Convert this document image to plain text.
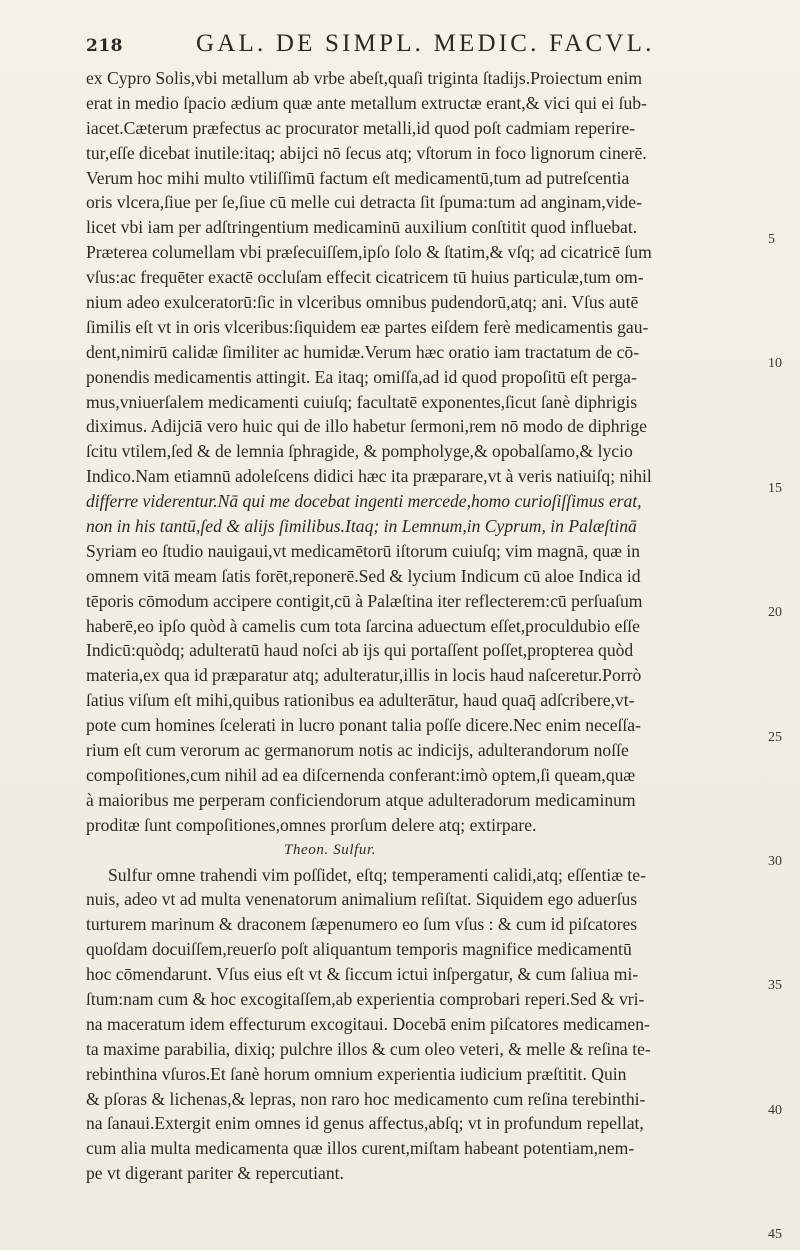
218	GAL. DE SIMPL. MEDIC. FACVL.
ex Cypro Solis,vbi metallum ab vrbe abeſt,quaſi triginta ſtadijs.Proiectum enim
erat in medio ſpacio ædium quæ ante metallum extructæ erant,& vici qui ei ſub-
iacet.Cæterum præfectus ac procurator metalli,id quod poſt cadmiam reperire-
tur,eſſe dicebat inutile:itaq; abijci nō ſecus atq; vſtorum in foco lignorum cinerē.
Verum hoc mihi multo vtiliſſimū factum eſt medicamentū,tum ad putreſcentia
oris vlcera,ſiue per ſe,ſiue cū melle cui detracta ſit ſpuma:tum ad anginam,vide-
licet vbi iam per adſtringentium medicaminū auxilium conſtitit quod influebat.
Præterea columellam vbi præſecuiſſem,ipſo ſolo & ſtatim,& vſq; ad cicatricē ſum
vſus:ac frequēter exactē occluſam effecit cicatricem tū huius particulæ,tum om-
nium adeo exulceratorū:ſic in vlceribus omnibus pudendorū,atq; ani. Vſus autē
ſimilis eſt vt in oris vlceribus:ſiquidem eæ partes eiſdem ferè medicamentis gau-
dent,nimirū calidæ ſimiliter ac humidæ.Verum hæc oratio iam tractatum de cō-
ponendis medicamentis attingit. Ea itaq; omiſſa,ad id quod propoſitū eſt perga-
mus,vniuerſalem medicamenti cuiuſq; facultatē exponentes,ſicut ſanè diphrigis
diximus. Adijciā vero huic qui de illo habetur ſermoni,rem nō modo de diphrige
ſcitu vtilem,ſed & de lemnia ſphragide, & pompholyge,& opobalſamo,& lycio
Indico.Nam etiamnū adoleſcens didici hæc ita præparare,vt à veris natiuiſq; nihil
differre viderentur.Nā qui me docebat ingenti mercede,homo curioſiſſimus erat,
non in his tantū,ſed & alijs ſimilibus.Itaq; in Lemnum,in Cyprum, in Palæſtinā
Syriam eo ſtudio nauigaui,vt medicamētorū iſtorum cuiuſq; vim magnā, quæ in
omnem vitā meam ſatis forēt,reponerē.Sed & lycium Indicum cū aloe Indica id
tēporis cōmodum accipere contigit,cū à Palæſtina iter reflecterem:cū perſuaſum
haberē,eo ipſo quòd à camelis cum tota ſarcina aduectum eſſet,proculdubio eſſe
Indicū:quòdq; adulteratū haud noſci ab ijs qui portaſſent poſſet,propterea quòd
materia,ex qua id præparatur atq; adulteratur,illis in locis haud naſceretur.Porrò
ſatius viſum eſt mihi,quibus rationibus ea adulterātur, haud quaq̄ adſcribere,vt-
pote cum homines ſcelerati in lucro ponant talia poſſe dicere.Nec enim neceſſa-
rium eſt cum verorum ac germanorum notis ac indicijs, adulterandorum noſſe
compoſitiones,cum nihil ad ea diſcernenda conferant:imò optem,ſi queam,quæ
à maioribus me perperam conficiendorum atque adulteradorum medicaminum
proditæ ſunt compoſitiones,omnes prorſum delere atq; extirpare.
Theon. Sulfur.
Sulfur omne trahendi vim poſſidet, eſtq; temperamenti calidi,atq; eſſentiæ te-
nuis, adeo vt ad multa venenatorum animalium reſiſtat. Siquidem ego aduerſus
turturem marinum & draconem ſæpenumero eo ſum vſus : & cum id piſcatores
quoſdam docuiſſem,reuerſo poſt aliquantum temporis magnifice medicamentū
hoc cōmendarunt. Vſus eius eſt vt & ſiccum ictui inſpergatur, & cum ſaliua mi-
ſtum:nam cum & hoc excogitaſſem,ab experientia comprobari reperi.Sed & vri-
na maceratum idem effecturum excogitaui. Docebā enim piſcatores medicamen-
ta maxime parabilia, dixiq; pulchre illos & cum oleo veteri, & melle & reſina te-
rebinthina vſuros.Et ſanè horum omnium experientia iudicium præſtitit. Quin
& pſoras & lichenas,& lepras, non raro hoc medicamento cum reſina terebinthi-
na ſanaui.Extergit enim omnes id genus affectus,abſq; vt in profundum repellat,
cum alia multa medicamenta quæ illos curent,miſtam habeant potentiam,nem-
pe vt digerant pariter & repercutiant.
5
10
15
20
25
30
35
40
45
